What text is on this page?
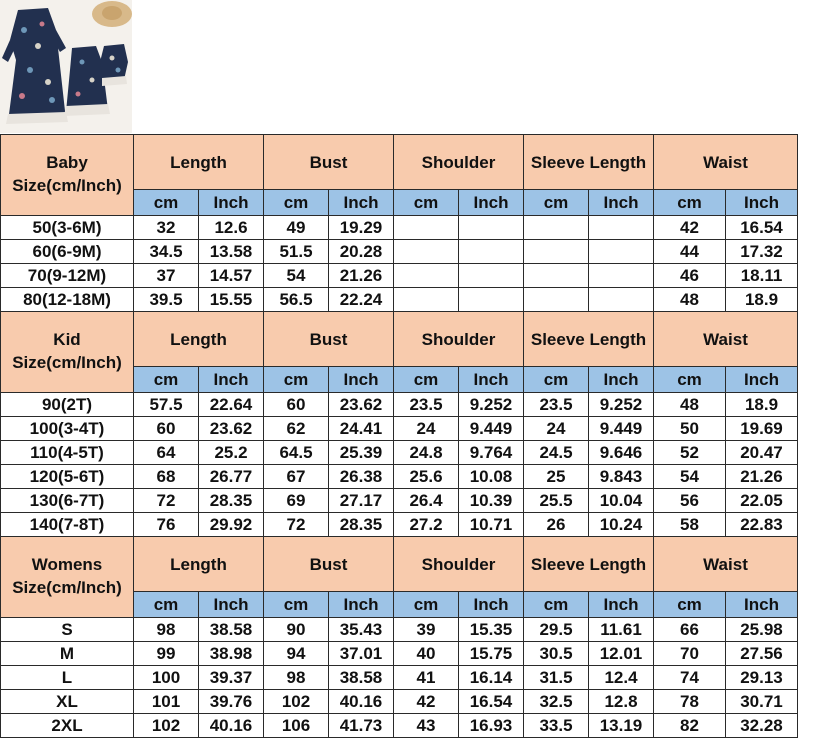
Baby
Size(cm/Inch)	Length		Bust		Shoulder		Sleeve Length		Waist	
	cm	Inch	cm	Inch	cm	Inch	cm	Inch	cm	Inch
50(3-6M)	32	12.6	49	19.29					42	16.54
60(6-9M)	34.5	13.58	51.5	20.28					44	17.32
70(9-12M)	37	14.57	54	21.26					46	18.11
80(12-18M)	39.5	15.55	56.5	22.24					48	18.9

Kid
Size(cm/Inch)	Length		Bust		Shoulder		Sleeve Length		Waist	
	cm	Inch	cm	Inch	cm	Inch	cm	Inch	cm	Inch
90(2T)	57.5	22.64	60	23.62	23.5	9.252	23.5	9.252	48	18.9
100(3-4T)	60	23.62	62	24.41	24	9.449	24	9.449	50	19.69
110(4-5T)	64	25.2	64.5	25.39	24.8	9.764	24.5	9.646	52	20.47
120(5-6T)	68	26.77	67	26.38	25.6	10.08	25	9.843	54	21.26
130(6-7T)	72	28.35	69	27.17	26.4	10.39	25.5	10.04	56	22.05
140(7-8T)	76	29.92	72	28.35	27.2	10.71	26	10.24	58	22.83

Womens
Size(cm/Inch)	Length		Bust		Shoulder		Sleeve Length		Waist	
	cm	Inch	cm	Inch	cm	Inch	cm	Inch	cm	Inch
S	98	38.58	90	35.43	39	15.35	29.5	11.61	66	25.98
M	99	38.98	94	37.01	40	15.75	30.5	12.01	70	27.56
L	100	39.37	98	38.58	41	16.14	31.5	12.4	74	29.13
XL	101	39.76	102	40.16	42	16.54	32.5	12.8	78	30.71
2XL	102	40.16	106	41.73	43	16.93	33.5	13.19	82	32.28
